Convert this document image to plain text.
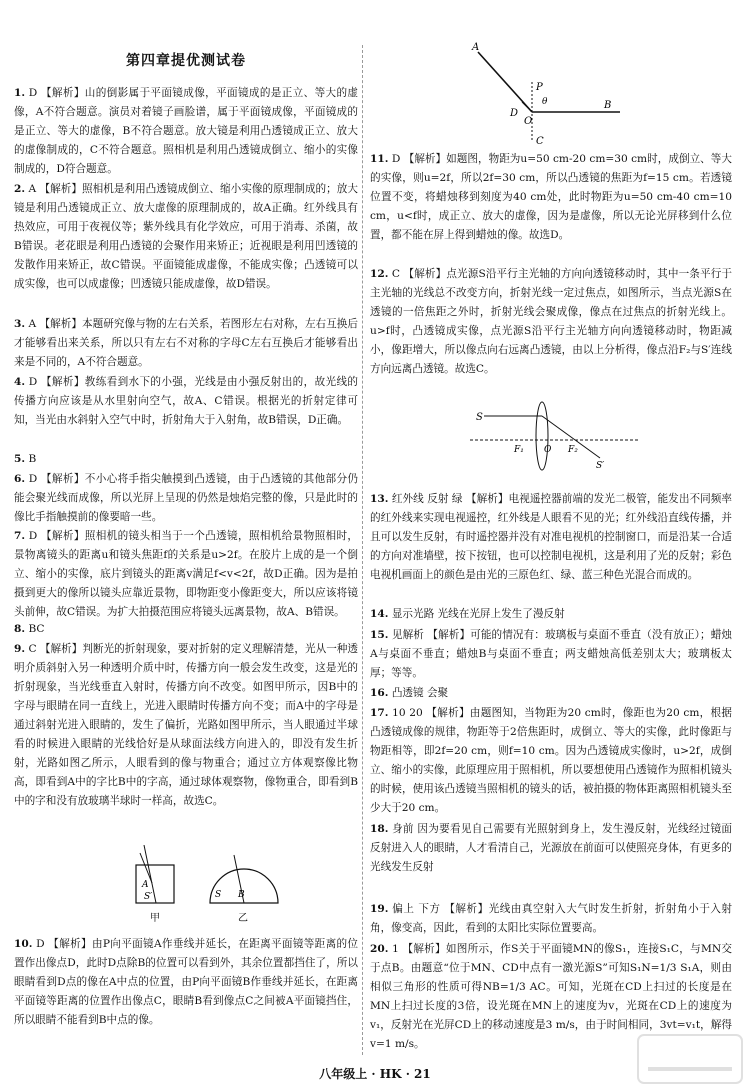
第四章提优测试卷
1. D 【解析】山的倒影属于平面镜成像，平面镜成的是正立、等大的虚像，A不符合题意。演员对着镜子画脸谱，属于平面镜成像，平面镜成的是正立、等大的虚像，B不符合题意。放大镜是利用凸透镜成正立、放大的虚像制成的，C不符合题意。照相机是利用凸透镜成倒立、缩小的实像制成的，D符合题意。
2. A 【解析】照相机是利用凸透镜成倒立、缩小实像的原理制成的；放大镜是利用凸透镜成正立、放大虚像的原理制成的，故A正确。红外线具有热效应，可用于夜视仪等；紫外线具有化学效应，可用于消毒、杀菌，故B错误。老花眼是利用凸透镜的会聚作用来矫正；近视眼是利用凹透镜的发散作用来矫正，故C错误。平面镜能成虚像，不能成实像；凸透镜可以成实像，也可以成虚像；凹透镜只能成虚像，故D错误。
3. A 【解析】本题研究像与物的左右关系，若图形左右对称，左右互换后才能够看出来关系，所以只有左右不对称的字母C左右互换后才能够看出来是不同的，A不符合题意。
4. D 【解析】教练看到水下的小强，光线是由小强反射出的，故光线的传播方向应该是从水里射向空气，故A、C错误。根据光的折射定律可知，当光由水斜射入空气中时，折射角大于入射角，故B错误，D正确。
5. B
6. D 【解析】不小心将手指尖触摸到凸透镜，由于凸透镜的其他部分仍能会聚光线而成像，所以光屏上呈现的仍然是烛焰完整的像，只是此时的像比手指触摸前的像要暗一些。
7. D 【解析】照相机的镜头相当于一个凸透镜，照相机给景物照相时，景物离镜头的距离u和镜头焦距f的关系是u>2f。在胶片上成的是一个倒立、缩小的实像，底片到镜头的距离v满足f<v<2f，故D正确。因为是拍摄到更大的像所以镜头应靠近景物，即物距变小像距变大，所以应该将镜头前伸，故C错误。为扩大拍摄范围应将镜头远离景物，故A、B错误。
8. BC
9. C 【解析】判断光的折射现象，要对折射的定义理解清楚，光从一种透明介质斜射入另一种透明介质中时，传播方向一般会发生改变，这是光的折射现象，当光线垂直入射时，传播方向不改变。如图甲所示，因B中的字母与眼睛在同一直线上，光进入眼睛时传播方向不变；而A中的字母是通过斜射光进入眼睛的，发生了偏折，光路如图甲所示，当人眼通过半球看的时候进入眼睛的光线恰好是从球面法线方向进入的，即没有发生折射，光路如图乙所示，人眼看到的像与物重合；通过立方体观察像比物高，即看到A中的字比B中的字高，通过球体观察物，像物重合，即看到B中的字和没有放玻璃半球时一样高，故选C。
A
S′	B
S
甲	乙
10. D 【解析】由P向平面镜A作垂线并延长，在距离平面镜等距离的位置作出像点D，此时D点除B的位置可以看到外，其余位置都挡住了，所以眼睛看到D点的像在A中点的位置，由P向平面镜B作垂线并延长，在距离平面镜等距离的位置作出像点C，眼睛B看到像点C之间被A平面镜挡住，所以眼睛不能看到B中点的像。
A
P
θ
D
O
B
C
11. D 【解析】如题图，物距为u=50 cm-20 cm=30 cm时，成倒立、等大的实像，则u=2f，所以2f=30 cm，所以凸透镜的焦距为f=15 cm。若透镜位置不变，将蜡烛移到刻度为40 cm处，此时物距为u=50 cm-40 cm=10 cm，u<f时，成正立、放大的虚像，因为是虚像，所以无论光屏移到什么位置，都不能在屏上得到蜡烛的像。故选D。
12. C 【解析】点光源S沿平行主光轴的方向向透镜移动时，其中一条平行于主光轴的光线总不改变方向，折射光线一定过焦点，如图所示，当点光源S在透镜的一倍焦距之外时，折射光线会聚成像，像点在过焦点的折射光线上。u>f时，凸透镜成实像，点光源S沿平行主光轴方向向透镜移动时，物距减小，像距增大，所以像点向右远离凸透镜，由以上分析得，像点沿F₂与S′连线方向远离凸透镜。故选C。
S
F₁ O F₂
S′
13. 红外线 反射 绿 【解析】电视遥控器前端的发光二极管，能发出不同频率的红外线来实现电视遥控，红外线是人眼看不见的光；红外线沿直线传播，并且可以发生反射，有时遥控器并没有对准电视机的控制窗口，而是沿某一合适的方向对准墙壁，按下按钮，也可以控制电视机，这是利用了光的反射；彩色电视机画面上的颜色是由光的三原色红、绿、蓝三种色光混合而成的。
14. 显示光路 光线在光屏上发生了漫反射
15. 见解析 【解析】可能的情况有：玻璃板与桌面不垂直（没有放正）；蜡烛A与桌面不垂直；蜡烛B与桌面不垂直；两支蜡烛高低差别太大；玻璃板太厚；等等。
16. 凸透镜 会聚
17. 10 20 【解析】由题图知，当物距为20 cm时，像距也为20 cm，根据凸透镜成像的规律，物距等于2倍焦距时，成倒立、等大的实像，此时像距与物距相等，即2f=20 cm，则f=10 cm。因为凸透镜成实像时，u>2f，成倒立、缩小的实像，此原理应用于照相机，所以要想使用凸透镜作为照相机镜头的时候，使用该凸透镜当照相机的镜头的话，被拍摄的物体距离照相机镜头至少大于20 cm。
18. 身前 因为要看见自己需要有光照射到身上，发生漫反射，光线经过镜面反射进入人的眼睛，人才看清自己，光源放在前面可以使照亮身体，有更多的光线发生反射
19. 偏上 下方 【解析】光线由真空射入大气时发生折射，折射角小于入射角，像变高，因此，看到的太阳比实际位置要高。
20. 1 【解析】如图所示，作S关于平面镜MN的像S₁，连接S₁C，与MN交于点B。由题意“位于MN、CD中点有一激光源S”可知S₁N=1/3 S₁A，则由相似三角形的性质可得NB=1/3 AC。可知，光斑在CD上扫过的长度是在MN上扫过长度的3倍，设光斑在MN上的速度为v，光斑在CD上的速度为v₁，反射光在光屏CD上的移动速度是3 m/s，由于时间相同，3vt=v₁t，解得v=1 m/s。
八年级上 · HK · 21
